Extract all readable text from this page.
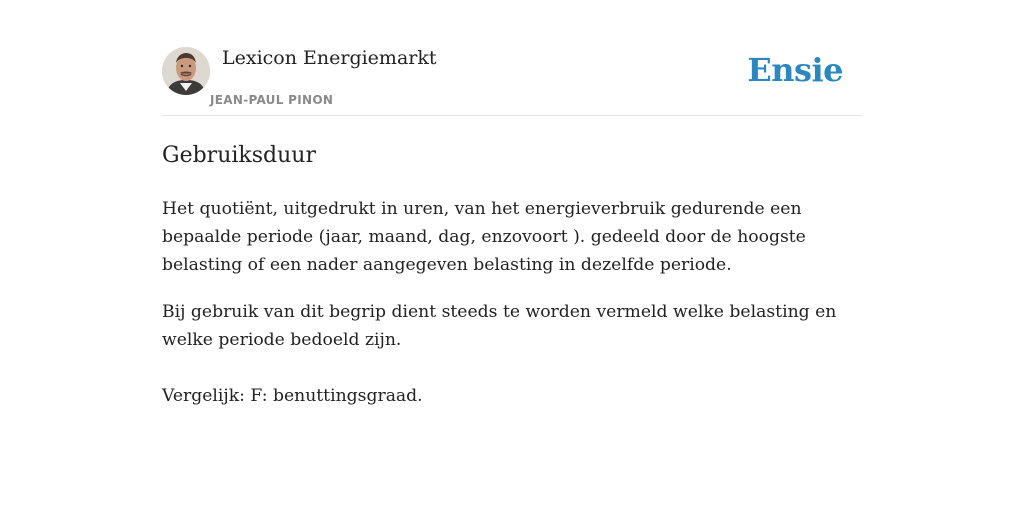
Lexicon Energiemarkt
JEAN-PAUL PINON
Ensie
Gebruiksduur

Het quotiënt, uitgedrukt in uren, van het energieverbruik gedurende een bepaalde periode (jaar, maand, dag, enzovoort ). gedeeld door de hoogste belasting of een nader aangegeven belasting in dezelfde periode.

Bij gebruik van dit begrip dient steeds te worden vermeld welke belasting en welke periode bedoeld zijn.

Vergelijk: F: benuttingsgraad.
